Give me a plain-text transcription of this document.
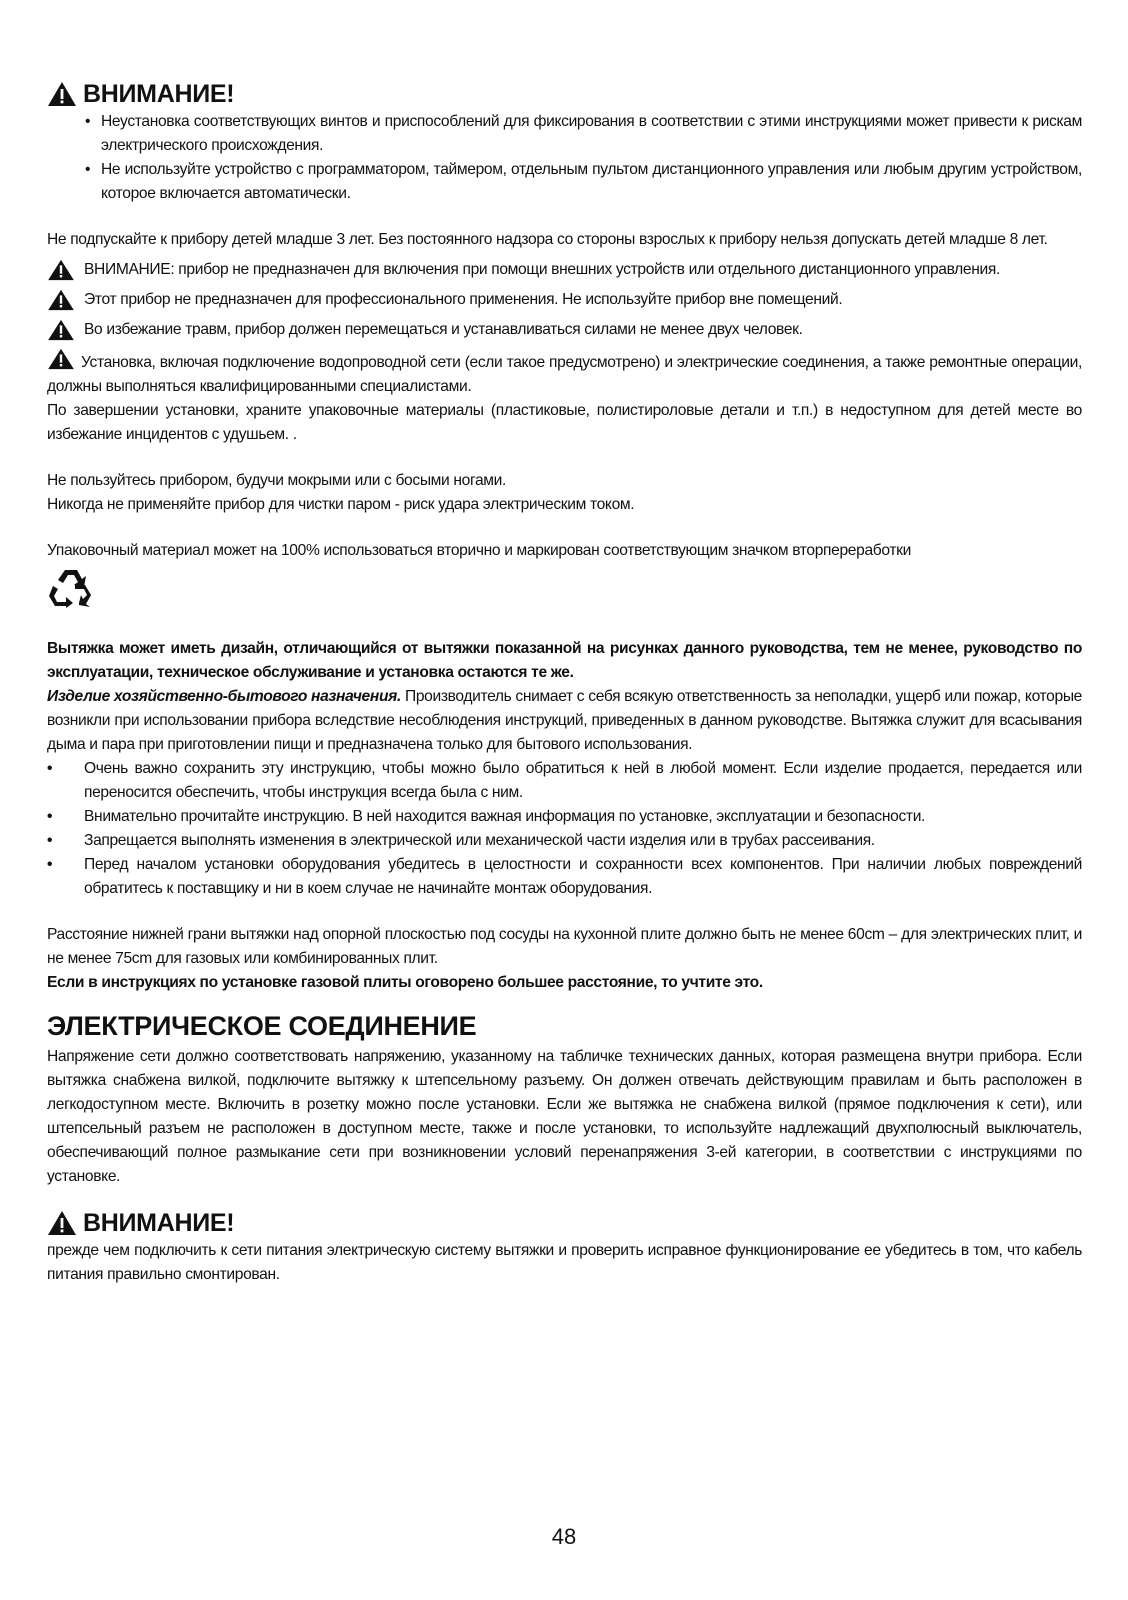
ВНИМАНИЕ!
• Неустановка соответствующих винтов и приспособлений для фиксирования в соответствии с этими инструкциями может привести к рискам электрического происхождения.
• Не используйте устройство с программатором, таймером, отдельным пультом дистанционного управления или любым другим устройством, которое включается автоматически.

Не подпускайте к прибору детей младше 3 лет. Без постоянного надзора со стороны взрослых к прибору нельзя допускать детей младше 8 лет.

ВНИМАНИЕ: прибор не предназначен для включения при помощи внешних устройств или отдельного дистанционного управления.
Этот прибор не предназначен для профессионального применения. Не используйте прибор вне помещений.
Во избежание травм, прибор должен перемещаться и устанавливаться силами не менее двух человек.

Установка, включая подключение водопроводной сети (если такое предусмотрено) и электрические соединения, а также ремонтные операции, должны выполняться квалифицированными специалистами.

По завершении установки, храните упаковочные материалы (пластиковые, полистироловые детали и т.п.) в недоступном для детей месте во избежание инцидентов с удушьем. .

Не пользуйтесь прибором, будучи мокрыми или с босыми ногами.

Никогда не применяйте прибор для чистки паром - риск удара электрическим током.

Упаковочный материал может на 100% использоваться вторично и маркирован соответствующим значком вторпереработки

Вытяжка может иметь дизайн, отличающийся от вытяжки показанной на рисунках данного руководства, тем не менее, руководство по эксплуатации, техническое обслуживание и установка остаются те же.

Изделие хозяйственно-бытового назначения. Производитель снимает с себя всякую ответственность за неполадки, ущерб или пожар, которые возникли при использовании прибора вследствие несоблюдения инструкций, приведенных в данном руководстве. Вытяжка служит для всасывания дыма и пара при приготовлении пищи и предназначена только для бытового использования.

• Очень важно сохранить эту инструкцию, чтобы можно было обратиться к ней в любой момент. Если изделие продается, передается или переносится обеспечить, чтобы инструкция всегда была с ним.
• Внимательно прочитайте инструкцию. В ней находится важная информация по установке, эксплуатации и безопасности.
• Запрещается выполнять изменения в электрической или механической части изделия или в трубах рассеивания.
• Перед началом установки оборудования убедитесь в целостности и сохранности всех компонентов. При наличии любых повреждений обратитесь к поставщику и ни в коем случае не начинайте монтаж оборудования.

Расстояние нижней грани вытяжки над опорной плоскостью под сосуды на кухонной плите должно быть не менее 60cm – для электрических плит, и не менее 75cm для газовых или комбинированных плит.

Если в инструкциях по установке газовой плиты оговорено большее расстояние, то учтите это.

ЭЛЕКТРИЧЕСКОЕ СОЕДИНЕНИЕ

Напряжение сети должно соответствовать напряжению, указанному на табличке технических данных, которая размещена внутри прибора. Если вытяжка снабжена вилкой, подключите вытяжку к штепсельному разъему. Он должен отвечать действующим правилам и быть расположен в легкодоступном месте. Включить в розетку можно после установки. Если же вытяжка не снабжена вилкой (прямое подключения к сети), или штепсельный разъем не расположен в доступном месте, также и после установки, то используйте надлежащий двухполюсный выключатель, обеспечивающий полное размыкание сети при возникновении условий перенапряжения 3-ей категории, в соответствии с инструкциями по установке.

ВНИМАНИЕ!

прежде чем подключить к сети питания электрическую систему вытяжки и проверить исправное функционирование ее убедитесь в том, что кабель питания правильно смонтирован.

48
